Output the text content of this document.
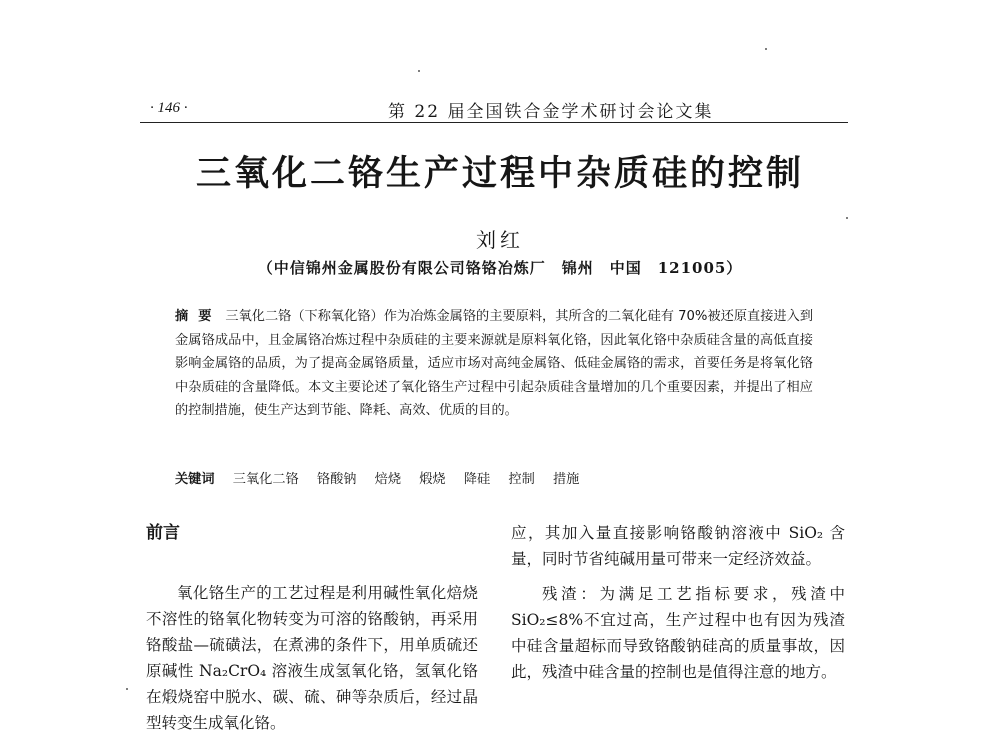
· 146 ·	第 22 届全国铁合金学术研讨会论文集
三氧化二铬生产过程中杂质硅的控制
刘红
（中信锦州金属股份有限公司铬铬冶炼厂　锦州　中国　121005）
摘要 三氧化二铬（下称氧化铬）作为冶炼金属铬的主要原料，其所含的二氧化硅有 70%被还原直接进入到金属铬成品中，且金属铬冶炼过程中杂质硅的主要来源就是原料氧化铬，因此氧化铬中杂质硅含量的高低直接影响金属铬的品质，为了提高金属铬质量，适应市场对高纯金属铬、低硅金属铬的需求，首要任务是将氧化铬中杂质硅的含量降低。本文主要论述了氧化铬生产过程中引起杂质硅含量增加的几个重要因素，并提出了相应的控制措施，使生产达到节能、降耗、高效、优质的目的。
关键词 三氧化二铬 铬酸钠 焙烧 煅烧 降硅 控制 措施
前言

氧化铬生产的工艺过程是利用碱性氧化焙烧不溶性的铬氧化物转变为可溶的铬酸钠，再采用铬酸盐—硫磺法，在煮沸的条件下，用单质硫还原碱性 Na₂CrO₄ 溶液生成氢氧化铬，氢氧化铬在煅烧窑中脱水、碳、硫、砷等杂质后，经过晶型转变生成氧化铬。

应，其加入量直接影响铬酸钠溶液中 SiO₂ 含量，同时节省纯碱用量可带来一定经济效益。

残渣：为满足工艺指标要求，残渣中 SiO₂≤8%不宜过高，生产过程中也有因为残渣中硅含量超标而导致铬酸钠硅高的质量事故，因此，残渣中硅含量的控制也是值得注意的地方。
